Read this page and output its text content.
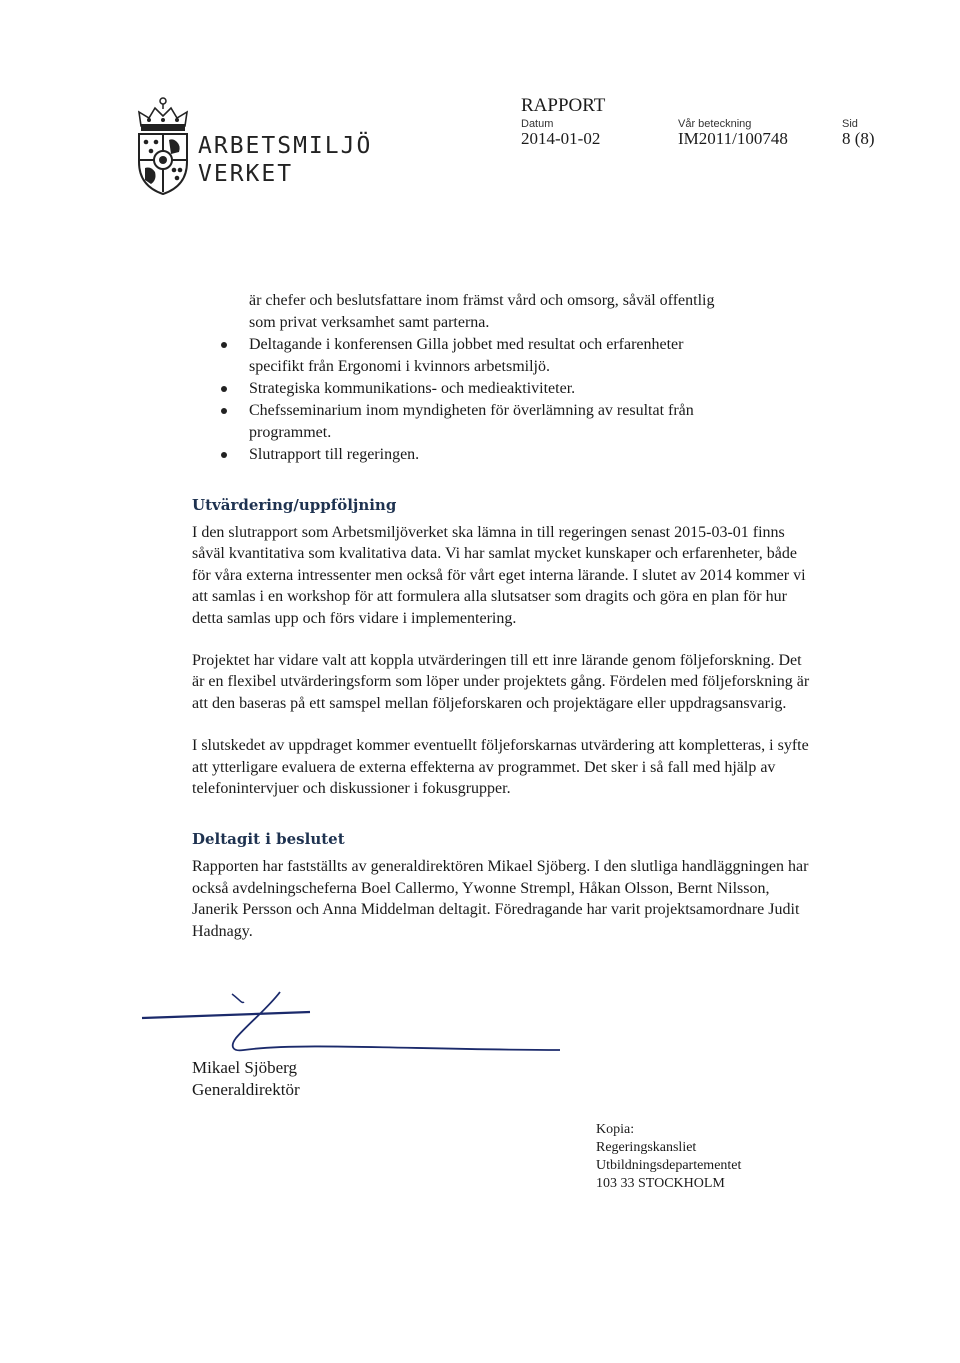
ARBETSMILJÖ
VERKET
RAPPORT
Datum
2014-01-02
Vår beteckning
IM2011/100748
Sid
8 (8)
är chefer och beslutsfattare inom främst vård och omsorg, såväl offentlig
som privat verksamhet samt parterna.
Deltagande i konferensen Gilla jobbet med resultat och erfarenheter
specifikt från Ergonomi i kvinnors arbetsmiljö.
Strategiska kommunikations- och medieaktiviteter.
Chefsseminarium inom myndigheten för överlämning av resultat från
programmet.
Slutrapport till regeringen.
Utvärdering/uppföljning

I den slutrapport som Arbetsmiljöverket ska lämna in till regeringen senast 2015-03-01 finns såväl kvantitativa som kvalitativa data. Vi har samlat mycket kunskaper och erfarenheter, både för våra externa intressenter men också för vårt eget interna lärande. I slutet av 2014 kommer vi att samlas i en workshop för att formulera alla slutsatser som dragits och göra en plan för hur detta samlas upp och förs vidare i implementering.

Projektet har vidare valt att koppla utvärderingen till ett inre lärande genom följeforskning. Det är en flexibel utvärderingsform som löper under projektets gång. Fördelen med följeforskning är att den baseras på ett samspel mellan följeforskaren och projektägare eller uppdragsansvarig.

I slutskedet av uppdraget kommer eventuellt följeforskarnas utvärdering att kompletteras, i syfte att ytterligare evaluera de externa effekterna av programmet. Det sker i så fall med hjälp av telefonintervjuer och diskussioner i fokusgrupper.

Deltagit i beslutet

Rapporten har fastställts av generaldirektören Mikael Sjöberg. I den slutliga handläggningen har också avdelningscheferna Boel Callermo, Ywonne Strempl, Håkan Olsson, Bernt Nilsson, Janerik Persson och Anna Middelman deltagit. Föredragande har varit projektsamordnare Judit Hadnagy.

Mikael Sjöberg
Generaldirektör
Kopia:
Regeringskansliet
Utbildningsdepartementet
103 33 STOCKHOLM
